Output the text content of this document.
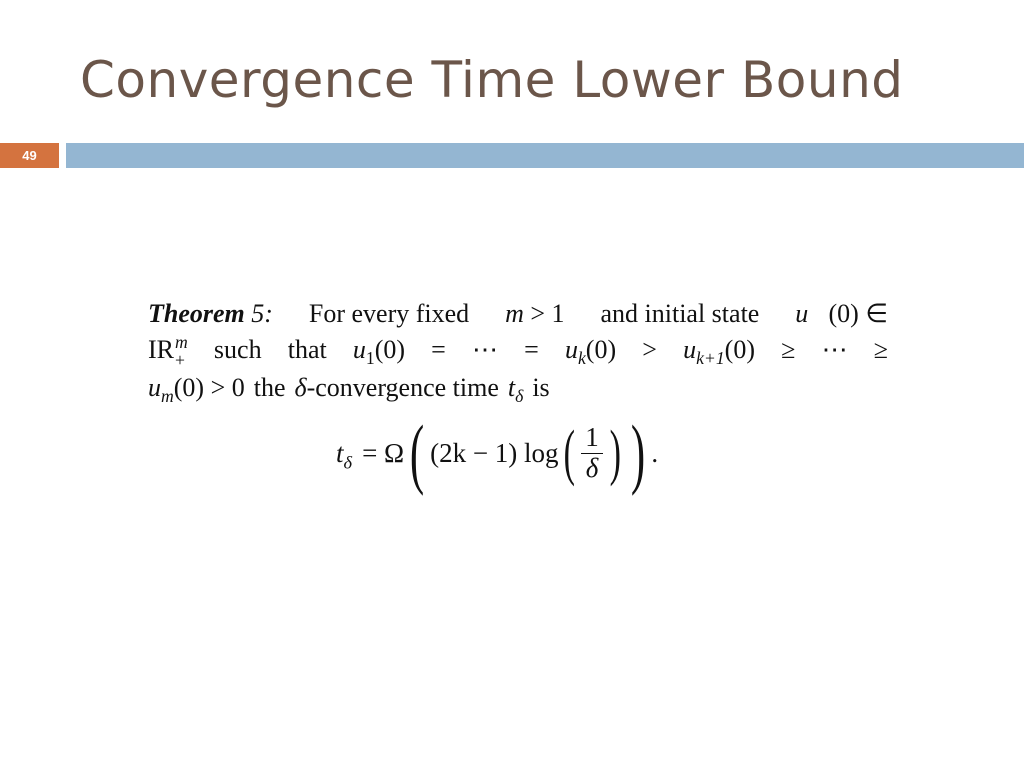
Convergence Time Lower Bound
49
Theorem 5: For every fixed m > 1 and initial state u⃗(0) ∈
IR m
+ such that $u_1(0)$ = ⋯ = $u_k(0) > u_{k+1}(0)$ ≥ ⋯ ≥
$u_m(0) > 0$ the δ-convergence time $t_\delta$ is
$t_\delta = \Omega$ ( (2k − 1) log ( $\frac{1}{\delta}$ ) ) .
